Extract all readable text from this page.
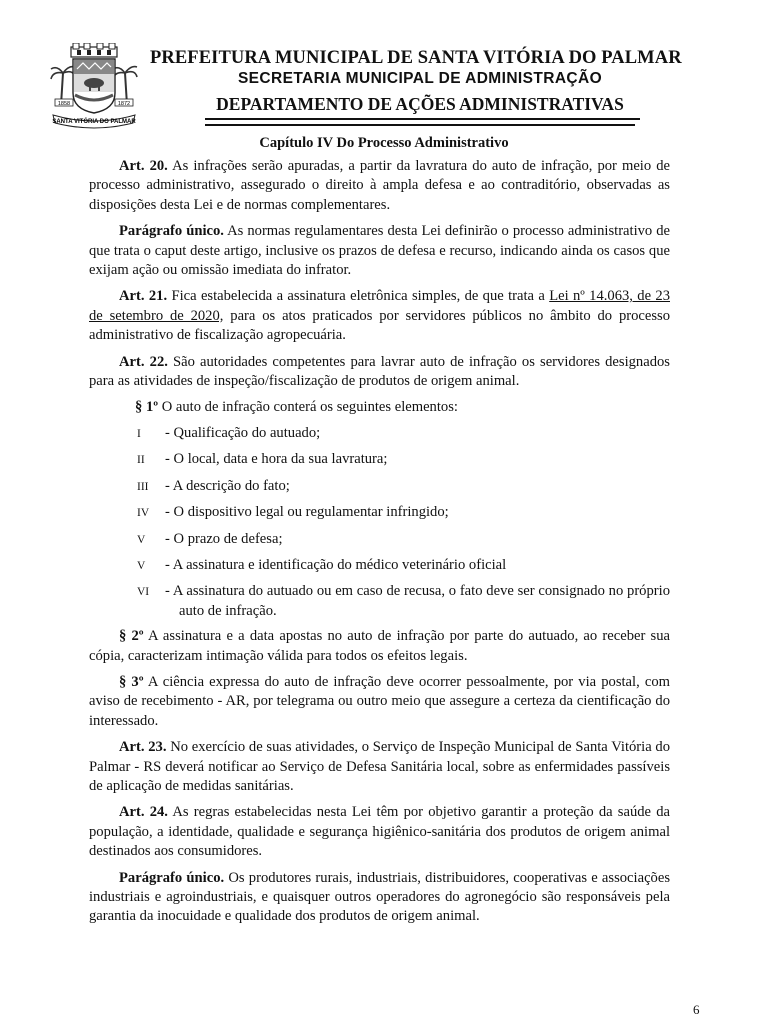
1858	1872
SANTA VITÓRIA DO PALMAR
PREFEITURA MUNICIPAL DE SANTA VITÓRIA DO PALMAR
SECRETARIA MUNICIPAL DE ADMINISTRAÇÃO
DEPARTAMENTO DE AÇÕES ADMINISTRATIVAS
Capítulo IV Do Processo Administrativo

Art. 20. As infrações serão apuradas, a partir da lavratura do auto de infração, por meio de processo administrativo, assegurado o direito à ampla defesa e ao contraditório, observadas as disposições desta Lei e de normas complementares.

Parágrafo único. As normas regulamentares desta Lei definirão o processo administrativo de que trata o caput deste artigo, inclusive os prazos de defesa e recurso, indicando ainda os casos que exijam ação ou omissão imediata do infrator.

Art. 21. Fica estabelecida a assinatura eletrônica simples, de que trata a Lei nº 14.063, de 23 de setembro de 2020, para os atos praticados por servidores públicos no âmbito do processo administrativo de fiscalização agropecuária.

Art. 22. São autoridades competentes para lavrar auto de infração os servidores designados para as atividades de inspeção/fiscalização de produtos de origem animal.

§ 1º O auto de infração conterá os seguintes elementos:

I	- Qualificação do autuado;
II	- O local, data e hora da sua lavratura;
III	- A descrição do fato;
IV	- O dispositivo legal ou regulamentar infringido;
V	- O prazo de defesa;
V	- A assinatura e identificação do médico veterinário oficial
VI	- A assinatura do autuado ou em caso de recusa, o fato deve ser consignado no próprio auto de infração.

§ 2º A assinatura e a data apostas no auto de infração por parte do autuado, ao receber sua cópia, caracterizam intimação válida para todos os efeitos legais.

§ 3º A ciência expressa do auto de infração deve ocorrer pessoalmente, por via postal, com aviso de recebimento - AR, por telegrama ou outro meio que assegure a certeza da cientificação do interessado.

Art. 23. No exercício de suas atividades, o Serviço de Inspeção Municipal de Santa Vitória do Palmar - RS deverá notificar ao Serviço de Defesa Sanitária local, sobre as enfermidades passíveis de aplicação de medidas sanitárias.

Art. 24. As regras estabelecidas nesta Lei têm por objetivo garantir a proteção da saúde da população, a identidade, qualidade e segurança higiênico-sanitária dos produtos de origem animal destinados aos consumidores.

Parágrafo único. Os produtores rurais, industriais, distribuidores, cooperativas e associações industriais e agroindustriais, e quaisquer outros operadores do agronegócio são responsáveis pela garantia da inocuidade e qualidade dos produtos de origem animal.

6
